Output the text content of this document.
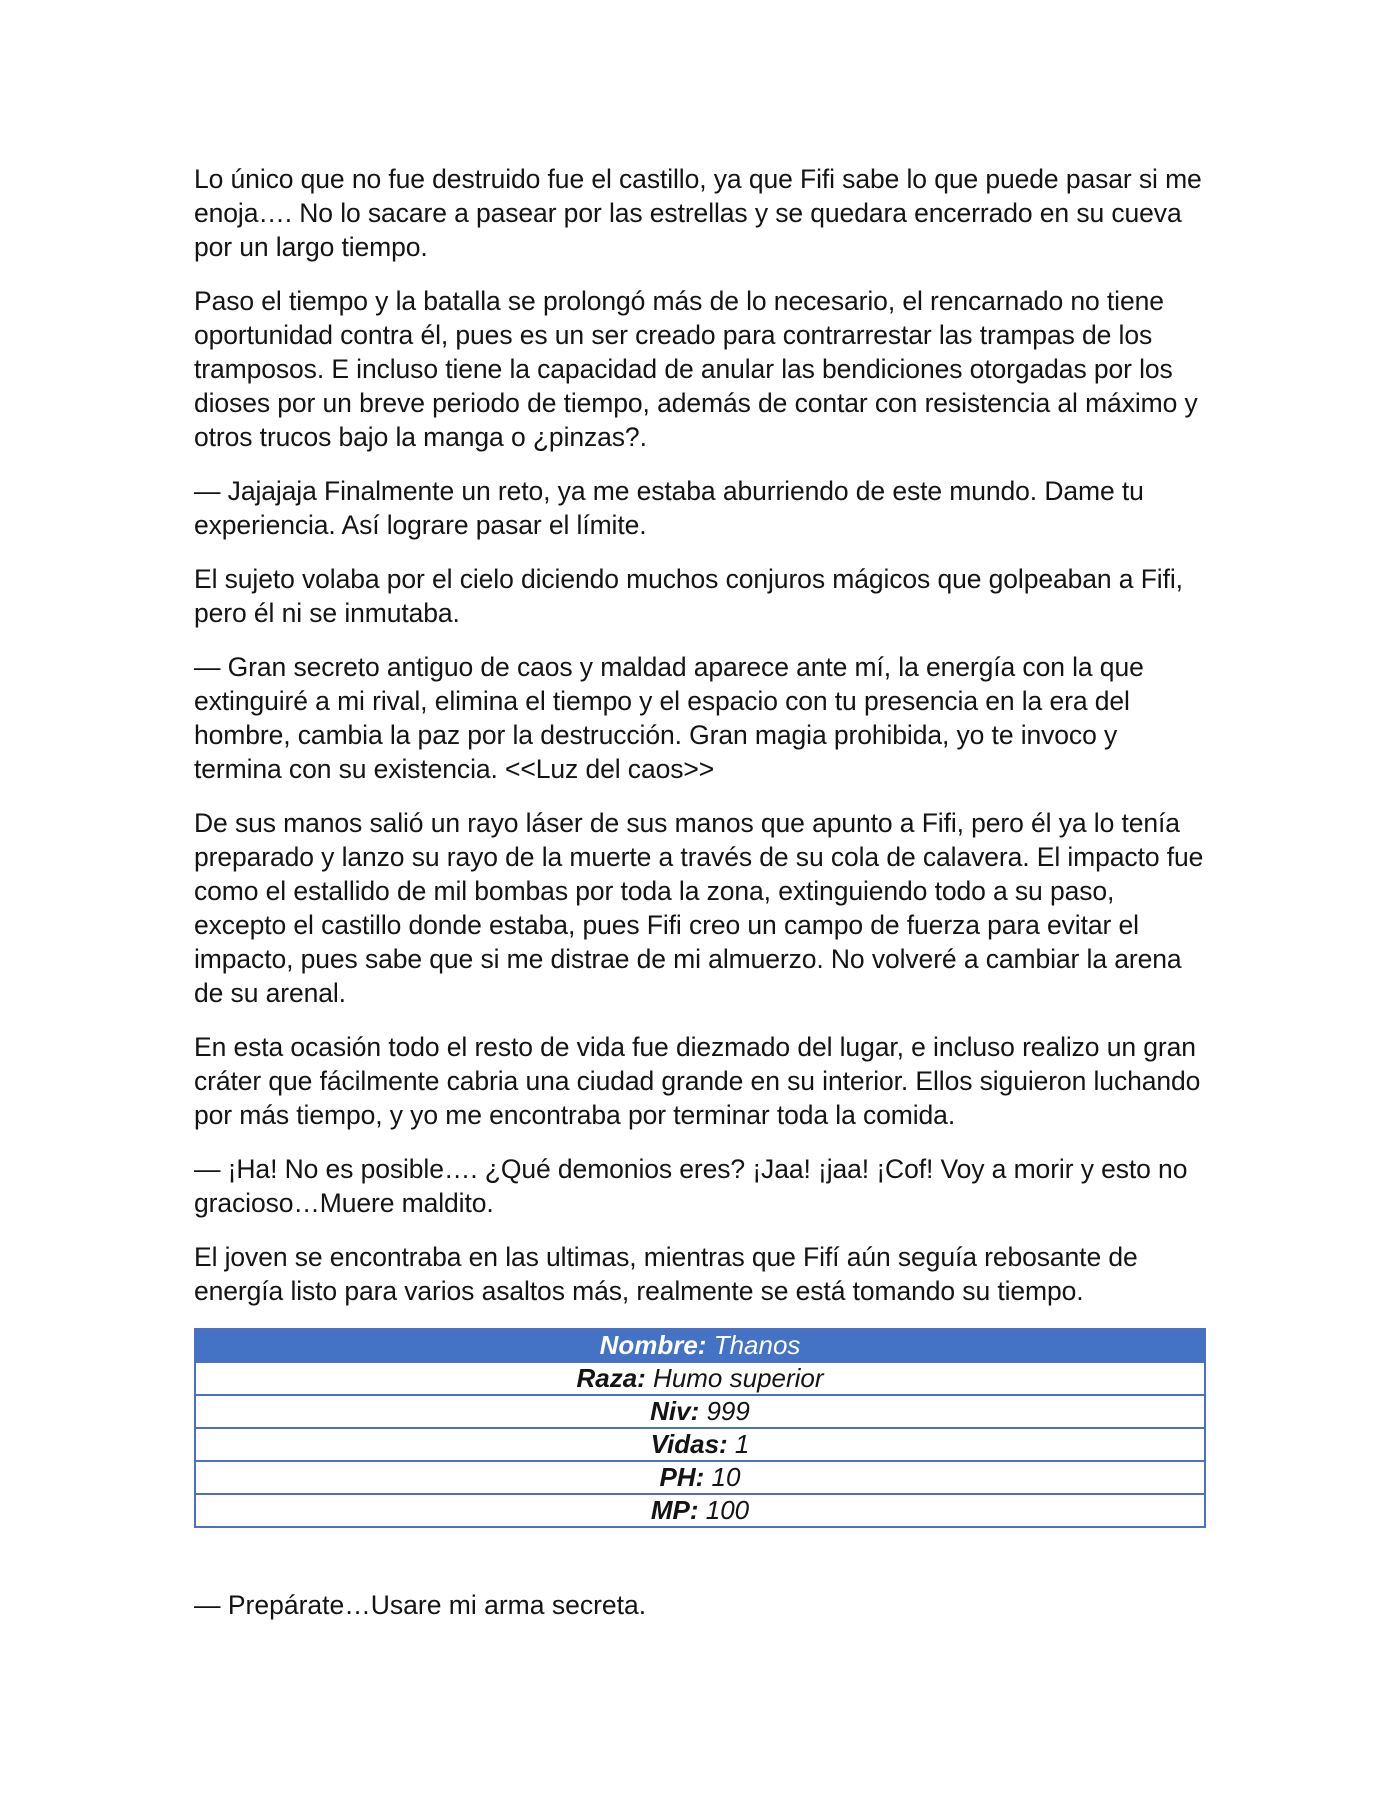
Lo único que no fue destruido fue el castillo, ya que Fifi sabe lo que puede pasar si me enoja…. No lo sacare a pasear por las estrellas y se quedara encerrado en su cueva por un largo tiempo.

Paso el tiempo y la batalla se prolongó más de lo necesario, el rencarnado no tiene oportunidad contra él, pues es un ser creado para contrarrestar las trampas de los tramposos. E incluso tiene la capacidad de anular las bendiciones otorgadas por los dioses por un breve periodo de tiempo, además de contar con resistencia al máximo y otros trucos bajo la manga o ¿pinzas?.

— Jajajaja Finalmente un reto, ya me estaba aburriendo de este mundo. Dame tu experiencia. Así lograre pasar el límite.

El sujeto volaba por el cielo diciendo muchos conjuros mágicos que golpeaban a Fifi, pero él ni se inmutaba.

— Gran secreto antiguo de caos y maldad aparece ante mí, la energía con la que extinguiré a mi rival, elimina el tiempo y el espacio con tu presencia en la era del hombre, cambia la paz por la destrucción. Gran magia prohibida, yo te invoco y termina con su existencia. <<Luz del caos>>

De sus manos salió un rayo láser de sus manos que apunto a Fifi, pero él ya lo tenía preparado y lanzo su rayo de la muerte a través de su cola de calavera. El impacto fue como el estallido de mil bombas por toda la zona, extinguiendo todo a su paso, excepto el castillo donde estaba, pues Fifi creo un campo de fuerza para evitar el impacto, pues sabe que si me distrae de mi almuerzo. No volveré a cambiar la arena de su arenal.

En esta ocasión todo el resto de vida fue diezmado del lugar, e incluso realizo un gran cráter que fácilmente cabria una ciudad grande en su interior. Ellos siguieron luchando por más tiempo, y yo me encontraba por terminar toda la comida.

— ¡Ha! No es posible…. ¿Qué demonios eres? ¡Jaa! ¡jaa! ¡Cof! Voy a morir y esto no gracioso…Muere maldito.

El joven se encontraba en las ultimas, mientras que Fifí aún seguía rebosante de energía listo para varios asaltos más, realmente se está tomando su tiempo.

Nombre: Thanos
Raza: Humo superior
Niv: 999
Vidas: 1
PH: 10
MP: 100

— Prepárate…Usare mi arma secreta.
